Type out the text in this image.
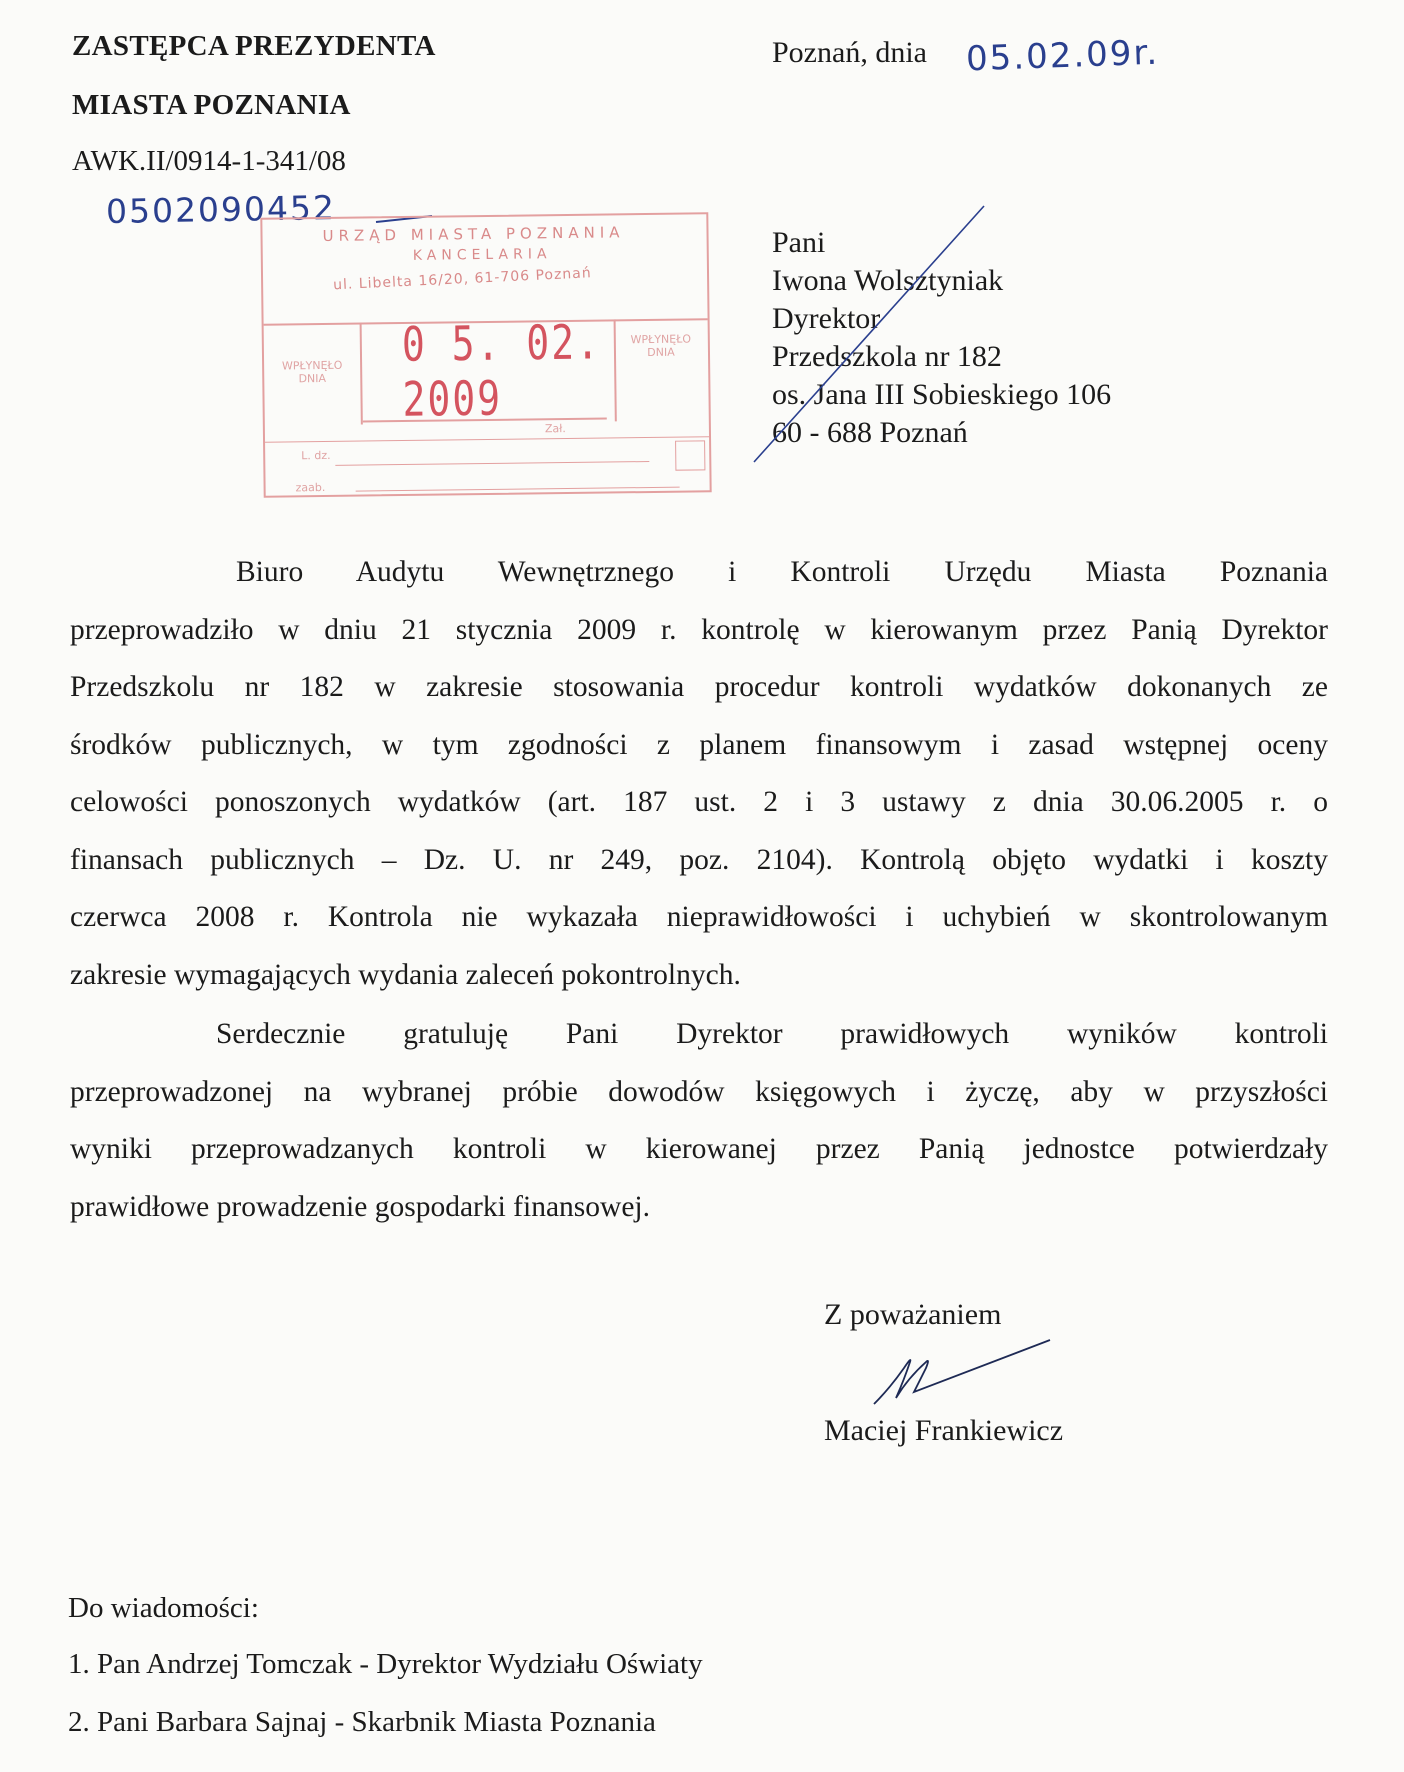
ZASTĘPCA PREZYDENTA
MIASTA POZNANIA
AWK.II/0914-1-341/08
0502090452
Poznań, dnia 05.02.09r.
URZĄD MIASTA POZNANIA
KANCELARIA
ul. Libelta 16/20, 61-706 Poznań
WPŁYNĘŁO DNIA
0 5. 02. 2009
WPŁYNĘŁO DNIA
L. dz.
Zał.
zaab.
Pani
Iwona Wolsztyniak
Dyrektor
Przedszkola nr 182
os. Jana III Sobieskiego 106
60 - 688 Poznań
Biuro Audytu Wewnętrznego i Kontroli Urzędu Miasta Poznania
przeprowadziło w dniu 21 stycznia 2009 r. kontrolę w kierowanym przez Panią Dyrektor
Przedszkolu nr 182 w zakresie stosowania procedur kontroli wydatków dokonanych ze
środków publicznych, w tym zgodności z planem finansowym i zasad wstępnej oceny
celowości ponoszonych wydatków (art. 187 ust. 2 i 3 ustawy z dnia 30.06.2005 r. o
finansach publicznych – Dz. U. nr 249, poz. 2104). Kontrolą objęto wydatki i koszty
czerwca 2008 r. Kontrola nie wykazała nieprawidłowości i uchybień w skontrolowanym
zakresie wymagających wydania zaleceń pokontrolnych.
Serdecznie gratuluję Pani Dyrektor prawidłowych wyników kontroli
przeprowadzonej na wybranej próbie dowodów księgowych i życzę, aby w przyszłości
wyniki przeprowadzanych kontroli w kierowanej przez Panią jednostce potwierdzały
prawidłowe prowadzenie gospodarki finansowej.
Z poważaniem
Maciej Frankiewicz
Do wiadomości:
1. Pan Andrzej Tomczak - Dyrektor Wydziału Oświaty
2. Pani Barbara Sajnaj - Skarbnik Miasta Poznania
